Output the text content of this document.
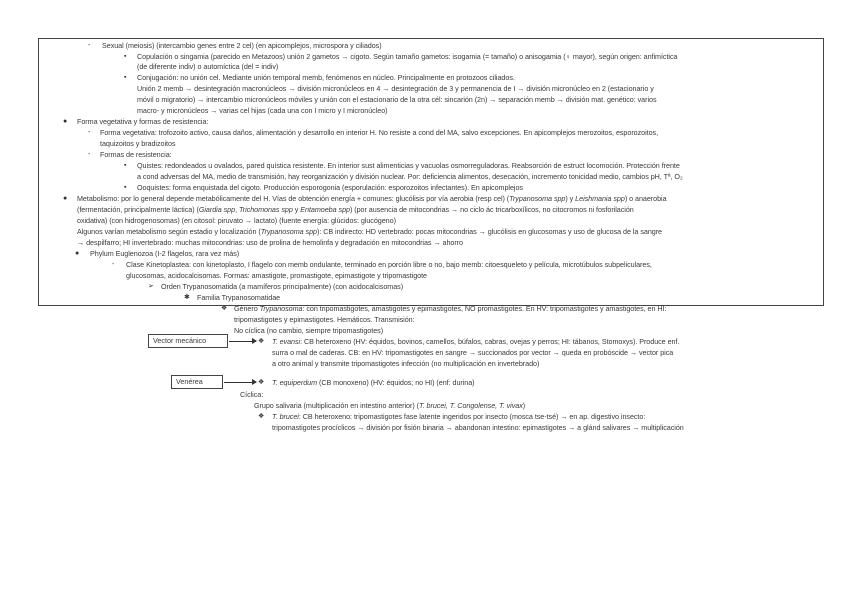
- Sexual (meiosis) (intercambio genes entre 2 cel) (en apicomplejos, microspora y ciliados)
▪ Copulación o singamia (parecido en Metazoos) unión 2 gametos → cigoto. Según tamaño gametos: isogamia (= tamaño) o anisogamia (♀ mayor), según origen: anfimíctica
(de diferente indiv) o automíctica (del = indiv)
▪ Conjugación: no unión cel. Mediante unión temporal memb, fenómenos en núcleo. Principalmente en protozoos ciliados.
Unión 2 memb → desintegración macronúcleos → división micronúcleos en 4 → desintegración de 3 y permanencia de I → división micronúcleo en 2 (estacionario y
móvil o migratorio) → intercambio micronúcleos móviles y unión con el estacionario de la otra cél: sincarión (2n) → separación memb → división mat. genético: varios
macro- y micronúcleos → varias cel hijas (cada una con I micro y I micronúcleo)
● Forma vegetativa y formas de resistencia:
- Forma vegetativa: trofozoito activo, causa daños, alimentación y desarrollo en interior H. No resiste a cond del MA, salvo excepciones. En apicomplejos merozoitos, esporozoitos,
taquizoitos y bradizoitos
- Formas de resistencia:
▪ Quistes: redondeados u ovalados, pared quística resistente. En interior sust alimenticias y vacuolas osmorreguladoras. Reabsorción de estruct locomoción. Protección frente
a cond adversas del MA, medio de transmisión, hay reorganización y división nuclear. Por: deficiencia alimentos, desecación, incremento tonicidad medio, cambios pH, Tª, O₂
▪ Ooquistes: forma enquistada del cigoto. Producción esporogonia (esporulación: esporozoitos infectantes). En apicomplejos
● Metabolismo: por lo general depende metabólicamente del H. Vías de obtención energía + comunes: glucólisis por vía aerobia (resp cel) (Trypanosoma spp) y Leishmania spp) o anaerobia
(fermentación, principalmente láctica) (Giardia spp, Trichomonas spp y Entamoeba spp) (por ausencia de mitocondrias → no ciclo ác tricarboxílicos, no citocromos ni fosforilación
oxidativa) (con hidrogenosomas) (en citosol: piruvato → lactato) (fuente energía: glúcidos: glucógeno)
Algunos varían metabolismo según estadio y localización (Trypanosoma spp): CB indirecto: HD vertebrado: pocas mitocondrias → glucólisis en glucosomas y uso de glucosa de la sangre
→ despilfarro; HI invertebrado: muchas mitocondrias: uso de prolina de hemolinfa y degradación en mitocondrias → ahorro
● Phylum Euglenozoa (I-2 flagelos, rara vez más)
- Clase Kinetoplastea: con kinetoplasto, I flagelo con memb ondulante, terminado en porción libre o no, bajo memb: citoesqueleto y película, microtúbulos subpeliculares,
glucosomas, acidocalcisomas. Formas: amastigote, promastigote, epimastigote y tripomastigote
➢ Orden Trypanosomatida (a mamíferos principalmente) (con acidocalcisomas)
✱ Familia Trypanosomatidae
❖ Género Trypanosoma: con tripomastigotes, amastigotes y epimastigotes, NO promastigotes. En HV: tripomastigotes y amastigotes, en HI:
tripomastigotes y epimastigotes. Hemáticos. Transmisión:
No cíclica (no cambio, siempre tripomastigotes)
Vector mecánico	❖ T. evansi: CB heteroxeno (HV: équidos, bovinos, camellos, búfalos, cabras, ovejas y perros; HI: tábanos, Stomoxys). Produce enf.
surra o mal de caderas. CB: en HV: tripomastigotes en sangre → succionados por vector → queda en probóscide → vector pica
a otro animal y transmite tripomastigotes infección (no multiplicación en invertebrado)
Venérea	❖ T. equiperdum (CB monoxeno) (HV: équidos; no HI) (enf: durina)
Cíclica:
Grupo salivaria (multiplicación en intestino anterior) (T. brucei, T. Congolense, T. vivax)
❖ T. brucei: CB heteroxeno: tripomastigotes fase latente ingeridos por insecto (mosca tse-tsé) → en ap. digestivo insecto:
tripomastigotes procíclicos → división por fisión binaria → abandonan intestino: epimastigotes → a glánd salivares → multiplicación
